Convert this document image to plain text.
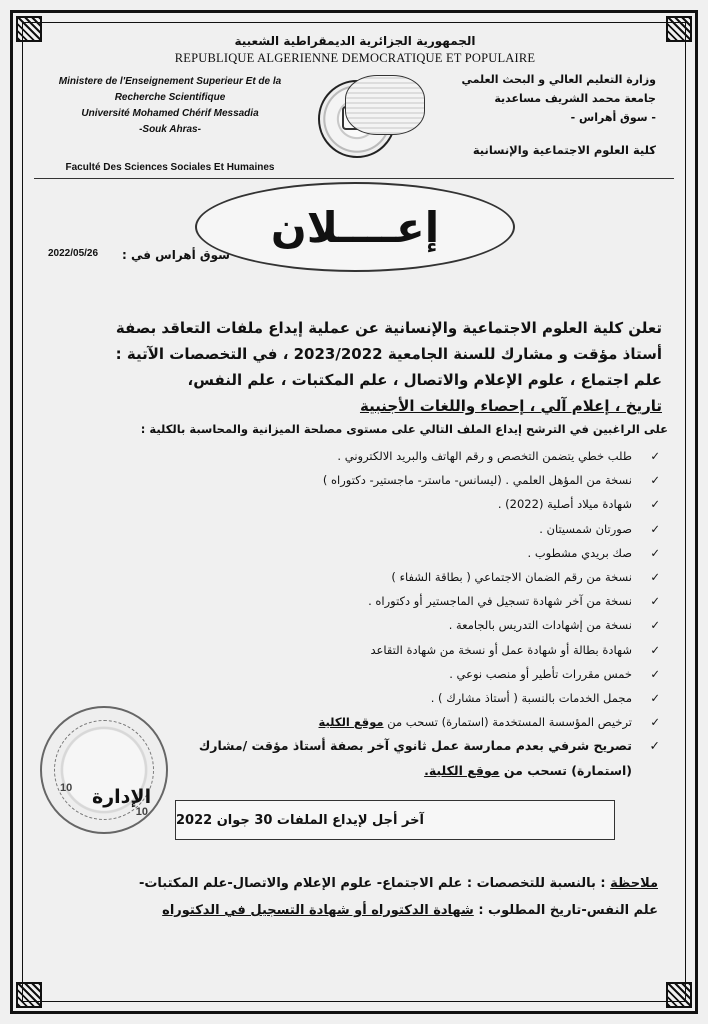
الجمهورية الجزائرية الديمقراطية الشعبية
REPUBLIQUE ALGERIENNE DEMOCRATIQUE ET POPULAIRE
Ministere de l'Enseignement Superieur Et de la
Recherche Scientifique
Université Mohamed Chérif Messadia
-Souk Ahras-
Faculté Des Sciences Sociales Et Humaines
وزارة التعليم العالي و البحث العلمي
جامعة محمد الشريف مساعدية
- سوق أهراس -
كلية العلوم الاجتماعية والإنسانية
إعــــلان
سوق أهراس في :
2022/05/26

تعلن كلية العلوم الاجتماعية والإنسانية عن عملية إيداع ملفات التعاقد بصفة

أستاذ مؤقت و مشارك للسنة الجامعية 2023/2022 ، في التخصصات الآتية :

علم اجتماع ، علوم الإعلام والاتصال ، علم المكتبات ، علم النفس،

تاريخ ، إعلام آلي ، إحصاء واللغات الأجنبية

على الراغبين في الترشح إيداع الملف التالي على مستوى مصلحة الميزانية والمحاسبة بالكلية :
✓طلب خطي يتضمن التخصص و رقم الهاتف والبريد الالكتروني .
✓نسخة من المؤهل العلمي . (ليسانس- ماستر- ماجستير- دكتوراه )
✓شهادة ميلاد أصلية (2022) .
✓صورتان شمسيتان .
✓صك بريدي مشطوب .
✓نسخة من رقم الضمان الاجتماعي ( بطاقة الشفاء )
✓نسخة من آخر شهادة تسجيل في الماجستير أو دكتوراه .
✓نسخة من إشهادات التدريس بالجامعة .
✓شهادة بطالة أو شهادة عمل أو نسخة من شهادة التقاعد
✓خمس مقررات تأطير أو منصب نوعي .
✓مجمل الخدمات بالنسبة ( أستاذ مشارك ) .
✓ترخيص المؤسسة المستخدمة (استمارة) تسحب من موقع الكلية
✓تصريح شرفي بعدم ممارسة عمل ثانوي آخر بصفة أستاذ مؤقت /مشارك
(استمارة) تسحب من موقع الكلية.
10
10
الإدارة
آخر أجل لإيداع الملفات 30 جوان 2022
ملاحظة : بالنسبة للتخصصات : علم الاجتماع- علوم الإعلام والاتصال-علم المكتبات-
علم النفس-تاريخ المطلوب : شهادة الدكتوراه أو شهادة التسجيل في الدكتوراه
